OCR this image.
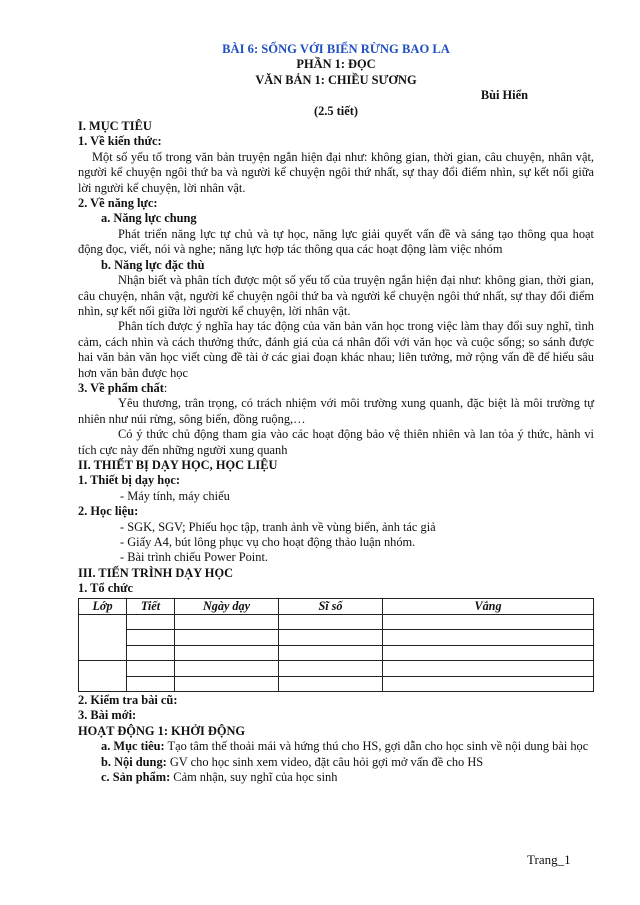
BÀI 6: SỐNG VỚI BIỂN RỪNG BAO LA
PHẦN 1: ĐỌC
VĂN BẢN 1: CHIỀU SƯƠNG
Bùi Hiển
(2.5 tiết)
I. MỤC TIÊU
1. Về kiến thức:

Một số yếu tố trong văn bản truyện ngắn hiện đại như: không gian, thời gian, câu chuyện, nhân vật, người kể chuyện ngôi thứ ba và người kể chuyện ngôi thứ nhất, sự thay đổi điểm nhìn, sự kết nối giữa lời người kể chuyện, lời nhân vật.

2. Về năng lực:
a. Năng lực chung

Phát triển năng lực tự chủ và tự học, năng lực giải quyết vấn đề và sáng tạo thông qua hoạt động đọc, viết, nói và nghe; năng lực hợp tác thông qua các hoạt động làm việc nhóm

b. Năng lực đặc thù

Nhận biết và phân tích được một số yếu tố của truyện ngắn hiện đại như: không gian, thời gian, câu chuyện, nhân vật, người kể chuyện ngôi thứ ba và người kể chuyện ngôi thứ nhất, sự thay đổi điểm nhìn, sự kết nối giữa lời người kể chuyện, lời nhân vật.

Phân tích được ý nghĩa hay tác động của văn bản văn học trong việc làm thay đổi suy nghĩ, tình cảm, cách nhìn và cách thưởng thức, đánh giá của cá nhân đối với văn học và cuộc sống; so sánh được hai văn bản văn học viết cùng đề tài ở các giai đoạn khác nhau; liên tưởng, mở rộng vấn đề để hiểu sâu hơn văn bản được học

3. Về phẩm chất:

Yêu thương, trân trọng, có trách nhiệm với môi trường xung quanh, đặc biệt là môi trường tự nhiên như núi rừng, sông biển, đồng ruộng,…

Có ý thức chủ động tham gia vào các hoạt động bảo vệ thiên nhiên và lan tỏa ý thức, hành vi tích cực này đến những người xung quanh

II. THIẾT BỊ DẠY HỌC, HỌC LIỆU
1. Thiết bị dạy học:
- Máy tính, máy chiếu
2. Học liệu:
- SGK, SGV; Phiếu học tập, tranh ảnh về vùng biển, ảnh tác giả
- Giấy A4, bút lông phục vụ cho hoạt động thảo luận nhóm.
- Bài trình chiếu Power Point.
III. TIẾN TRÌNH DẠY HỌC
1. Tổ chức
Lớp	Tiết	Ngày dạy	Sĩ số	Vắng

2. Kiểm tra bài cũ:
3. Bài mới:
HOẠT ĐỘNG 1: KHỞI ĐỘNG

a. Mục tiêu: Tạo tâm thế thoải mái và hứng thú cho HS, gợi dẫn cho học sinh về nội dung bài học

b. Nội dung: GV cho học sinh xem video, đặt câu hỏi gợi mở vấn đề cho HS

c. Sản phẩm: Cảm nhận, suy nghĩ của học sinh

Trang_1
